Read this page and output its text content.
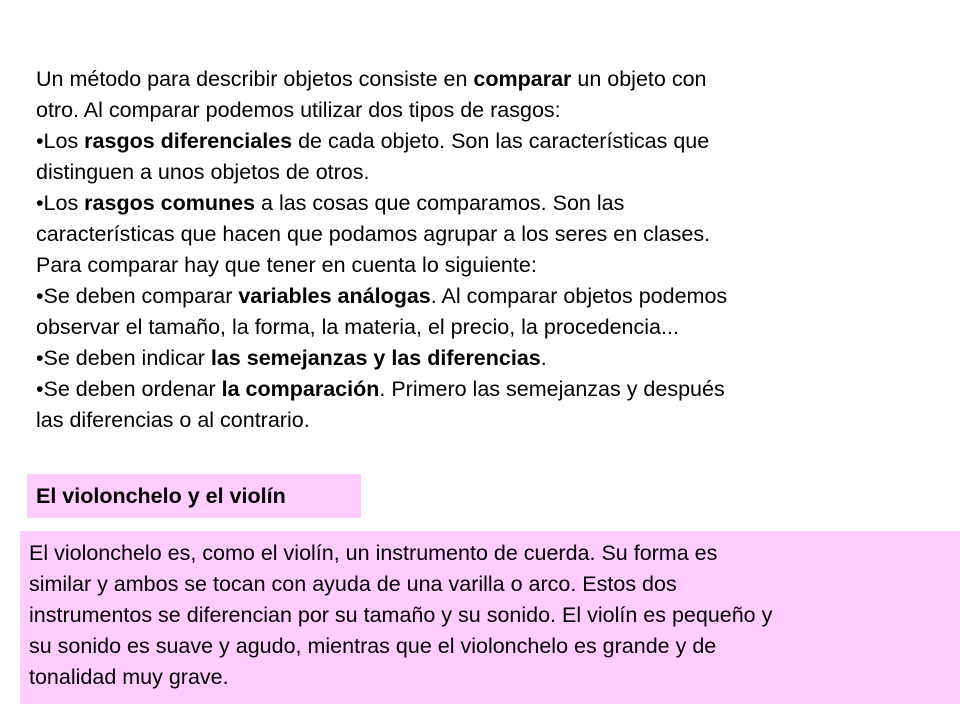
Un método para describir objetos consiste en comparar un objeto con

otro. Al comparar podemos utilizar dos tipos de rasgos:

•Los rasgos diferenciales de cada objeto. Son las características que

distinguen a unos objetos de otros.

•Los rasgos comunes a las cosas que comparamos. Son las

características que hacen que podamos agrupar a los seres en clases.

Para comparar hay que tener en cuenta lo siguiente:

•Se deben comparar variables análogas. Al comparar objetos podemos

observar el tamaño, la forma, la materia, el precio, la procedencia...

•Se deben indicar las semejanzas y las diferencias.

•Se deben ordenar la comparación. Primero las semejanzas y después

las diferencias o al contrario.

El violonchelo y el violín

El violonchelo es, como el violín, un instrumento de cuerda. Su forma es

similar y ambos se tocan con ayuda de una varilla o arco. Estos dos

instrumentos se diferencian por su tamaño y su sonido. El violín es pequeño y

su sonido es suave y agudo, mientras que el violonchelo es grande y de

tonalidad muy grave.
